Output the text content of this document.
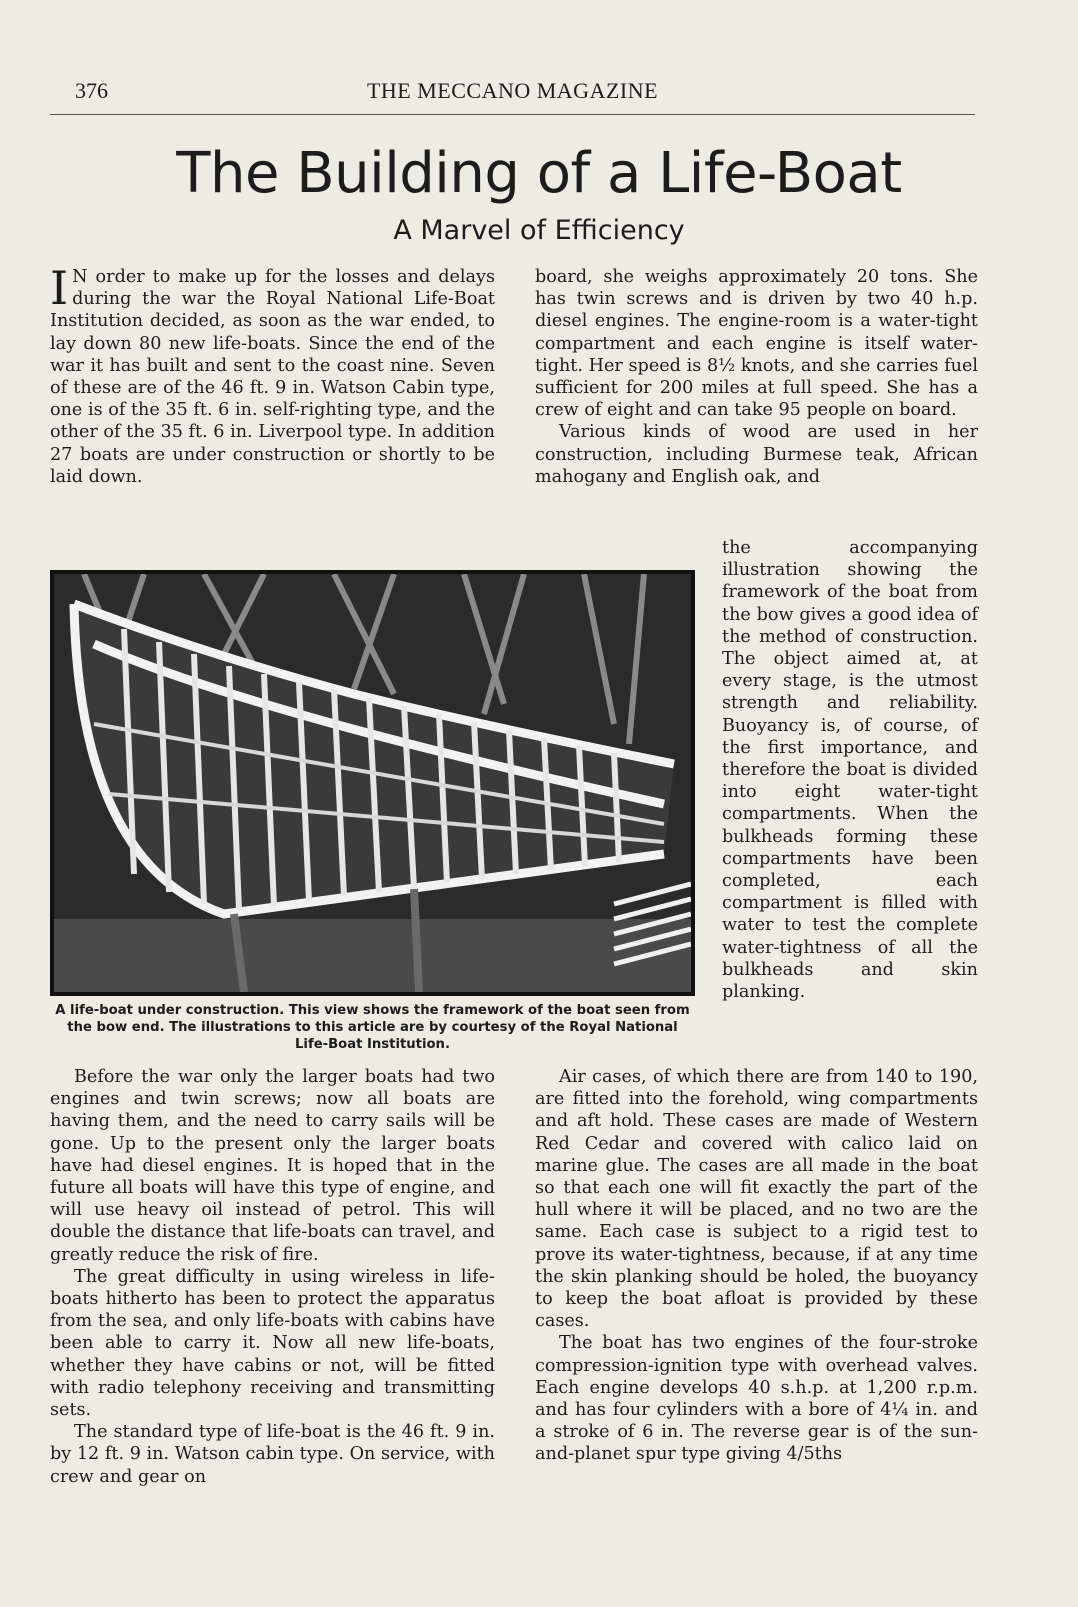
376	THE MECCANO MAGAZINE
The Building of a Life-Boat
A Marvel of Efficiency

I N order to make up for the losses and delays during the war the Royal National Life-Boat Institution decided, as soon as the war ended, to lay down 80 new life-boats. Since the end of the war it has built and sent to the coast nine. Seven of these are of the 46 ft. 9 in. Watson Cabin type, one is of the 35 ft. 6 in. self-righting type, and the other of the 35 ft. 6 in. Liverpool type. In addition 27 boats are under construction or shortly to be laid down.

board, she weighs approximately 20 tons. She has twin screws and is driven by two 40 h.p. diesel engines. The engine-room is a water-tight compartment and each engine is itself water-tight. Her speed is 8½ knots, and she carries fuel sufficient for 200 miles at full speed. She has a crew of eight and can take 95 people on board.

Various kinds of wood are used in her construction, including Burmese teak, African mahogany and English oak, and

the accompanying illustration showing the framework of the boat from the bow gives a good idea of the method of construction. The object aimed at, at every stage, is the utmost strength and reliability. Buoyancy is, of course, of the first importance, and therefore the boat is divided into eight water-tight compartments. When the bulkheads forming these compartments have been completed, each compartment is filled with water to test the complete water-tightness of all the bulkheads and skin planking.

A life-boat under construction. This view shows the framework of the boat seen from the bow end. The illustrations to this article are by courtesy of the Royal National Life-Boat Institution.

Before the war only the larger boats had two engines and twin screws; now all boats are having them, and the need to carry sails will be gone. Up to the present only the larger boats have had diesel engines. It is hoped that in the future all boats will have this type of engine, and will use heavy oil instead of petrol. This will double the distance that life-boats can travel, and greatly reduce the risk of fire.

The great difficulty in using wireless in life-boats hitherto has been to protect the apparatus from the sea, and only life-boats with cabins have been able to carry it. Now all new life-boats, whether they have cabins or not, will be fitted with radio telephony receiving and transmitting sets.

The standard type of life-boat is the 46 ft. 9 in. by 12 ft. 9 in. Watson cabin type. On service, with crew and gear on

Air cases, of which there are from 140 to 190, are fitted into the forehold, wing compartments and aft hold. These cases are made of Western Red Cedar and covered with calico laid on marine glue. The cases are all made in the boat so that each one will fit exactly the part of the hull where it will be placed, and no two are the same. Each case is subject to a rigid test to prove its water-tightness, because, if at any time the skin planking should be holed, the buoyancy to keep the boat afloat is provided by these cases.

The boat has two engines of the four-stroke compression-ignition type with overhead valves. Each engine develops 40 s.h.p. at 1,200 r.p.m. and has four cylinders with a bore of 4¼ in. and a stroke of 6 in. The reverse gear is of the sun-and-planet spur type giving 4/5ths
